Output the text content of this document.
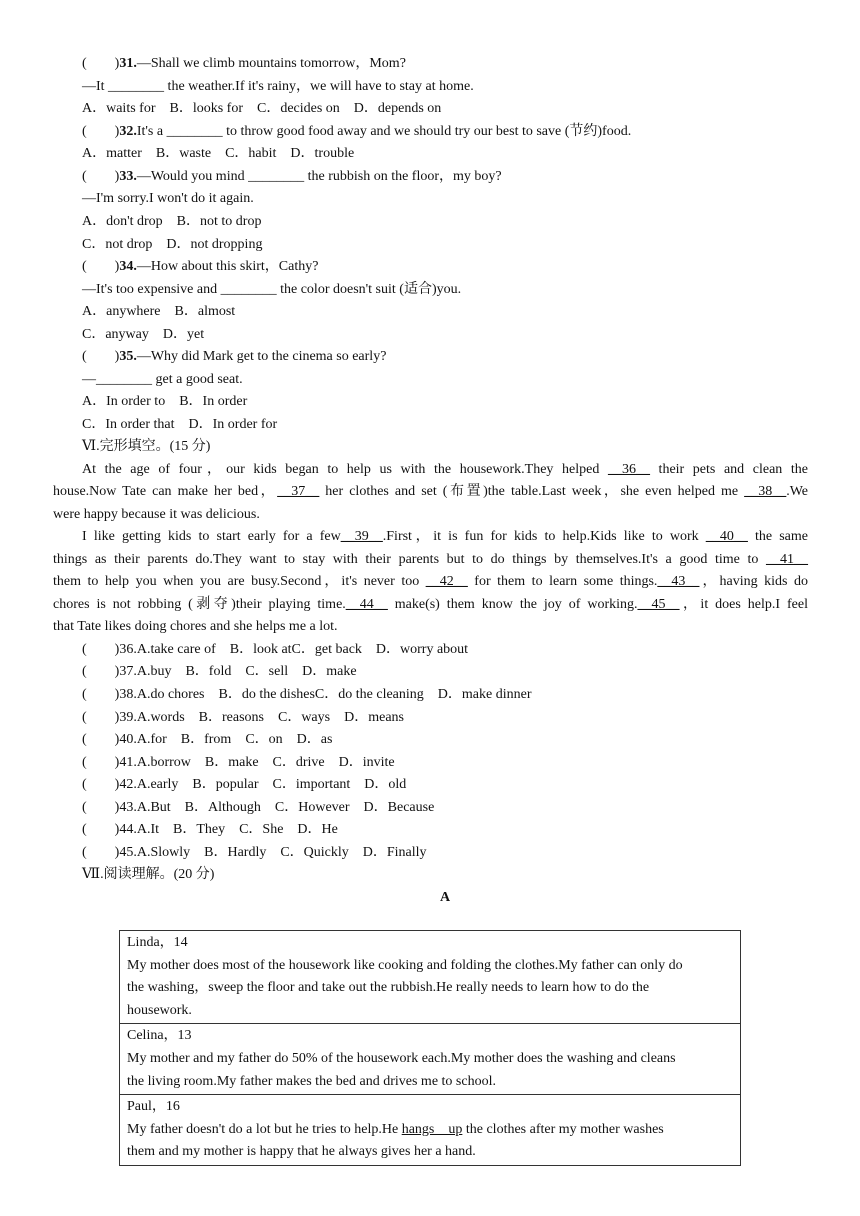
(　　)31.—Shall we climb mountains tomorrow，Mom?
—It ________ the weather.If it's rainy，we will have to stay at home.
A．waits for　B．looks for　C．decides on　D．depends on
(　　)32.It's a ________ to throw good food away and we should try our best to save (节约)food.
A．matter　B．waste　C．habit　D．trouble
(　　)33.—Would you mind ________ the rubbish on the floor，my boy?
—I'm sorry.I won't do it again.
A．don't drop　B．not to drop
C．not drop　D．not dropping
(　　)34.—How about this skirt，Cathy?
—It's too expensive and ________ the color doesn't suit (适合)you.
A．anywhere　B．almost
C．anyway　D．yet
(　　)35.—Why did Mark get to the cinema so early?
—________ get a good seat.
A．In order to　B．In order
C．In order that　D．In order for
Ⅵ.完形填空。(15 分)
At the age of four，our kids began to help us with the housework.They helped __36__ their pets and clean the
house.Now Tate can make her bed，__37__ her clothes and set (布置)the table.Last week，she even helped me __38__.We
were happy because it was delicious.
I like getting kids to start early for a few__39__.First，it is fun for kids to help.Kids like to work __40__ the same
things as their parents do.They want to stay with their parents but to do things by themselves.It's a good time to __41__
them to help you when you are busy.Second，it's never too __42__ for them to learn some things.__43__，having kids do
chores is not robbing (剥夺)their playing time.__44__ make(s) them know the joy of working.__45__，it does help.I feel
that Tate likes doing chores and she helps me a lot.
(　　)36.A.take care of　B．look atC．get back　D．worry about
(　　)37.A.buy　B．fold　C．sell　D．make
(　　)38.A.do chores　B．do the dishesC．do the cleaning　D．make dinner
(　　)39.A.words　B．reasons　C．ways　D．means
(　　)40.A.for　B．from　C．on　D．as
(　　)41.A.borrow　B．make　C．drive　D．invite
(　　)42.A.early　B．popular　C．important　D．old
(　　)43.A.But　B．Although　C．However　D．Because
(　　)44.A.It　B．They　C．She　D．He
(　　)45.A.Slowly　B．Hardly　C．Quickly　D．Finally
Ⅶ.阅读理解。(20 分)
A
Linda，14
My mother does most of the housework like cooking and folding the clothes.My father can only do
the washing，sweep the floor and take out the rubbish.He really needs to learn how to do the
housework.

Celina，13
My mother and my father do 50% of the housework each.My mother does the washing and cleans
the living room.My father makes the bed and drives me to school.

Paul，16
My father doesn't do a lot but he tries to help.He hangs　up the clothes after my mother washes
them and my mother is happy that he always gives her a hand.
